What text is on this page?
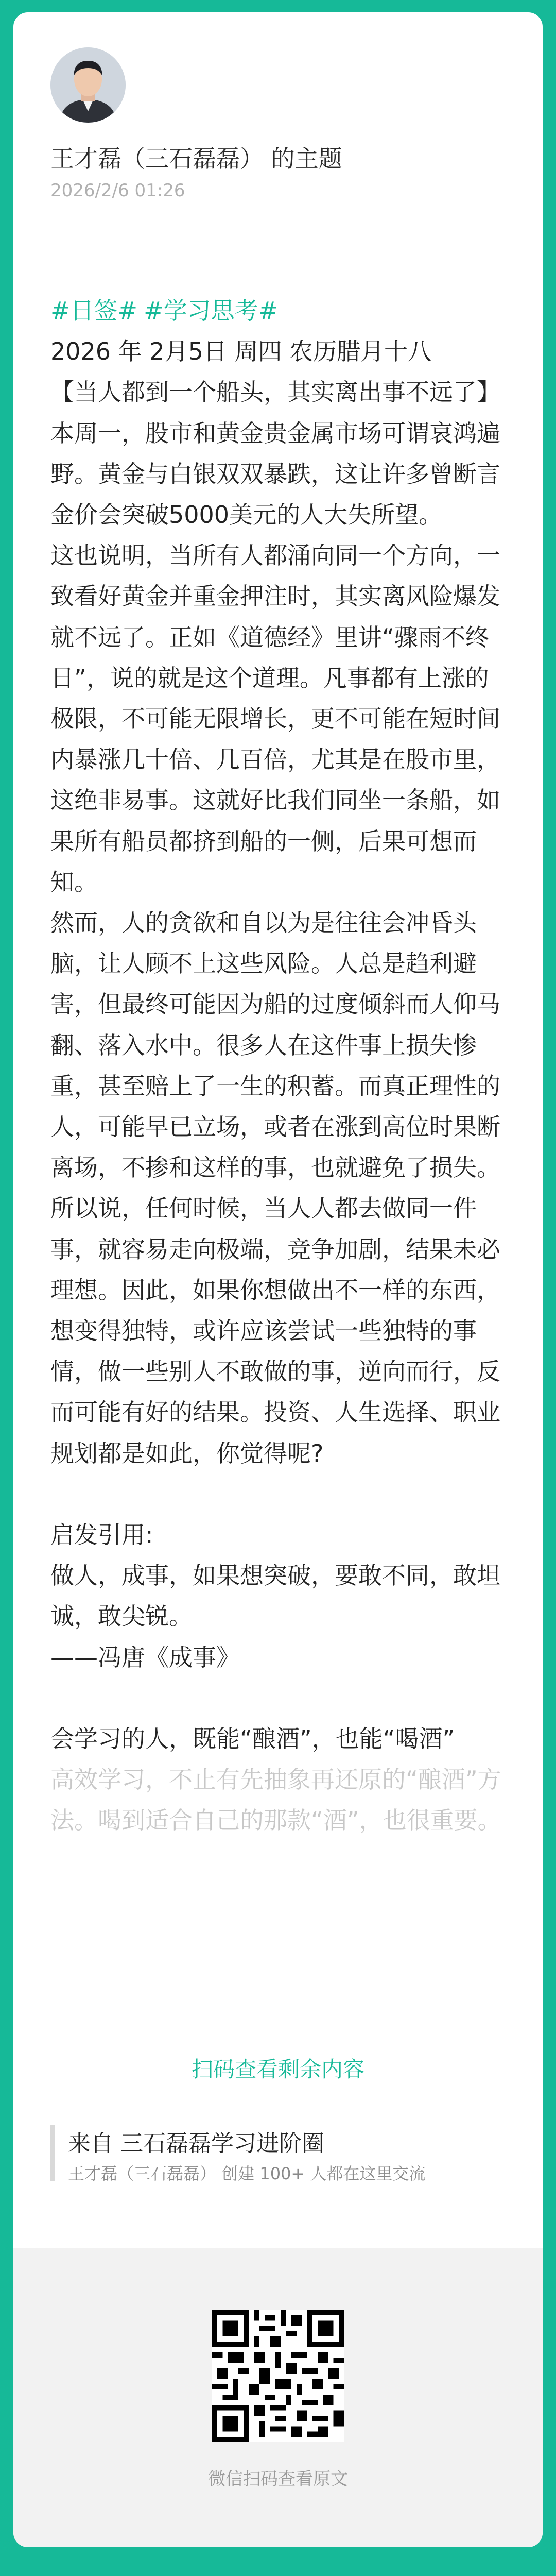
王才磊（三石磊磊） 的主题
2026/2/6 01:26

#日签# #学习思考#

2026 年 2月5日 周四 农历腊月十八

【当人都到一个船头，其实离出事不远了】

本周一，股市和黄金贵金属市场可谓哀鸿遍野。黄金与白银双双暴跌，这让许多曾断言金价会突破5000美元的人大失所望。

这也说明，当所有人都涌向同一个方向，一致看好黄金并重金押注时，其实离风险爆发就不远了。正如《道德经》里讲“骤雨不终日”，说的就是这个道理。凡事都有上涨的极限，不可能无限增长，更不可能在短时间内暴涨几十倍、几百倍，尤其是在股市里，这绝非易事。这就好比我们同坐一条船，如果所有船员都挤到船的一侧，后果可想而知。

然而，人的贪欲和自以为是往往会冲昏头脑，让人顾不上这些风险。人总是趋利避害，但最终可能因为船的过度倾斜而人仰马翻、落入水中。很多人在这件事上损失惨重，甚至赔上了一生的积蓄。而真正理性的人，可能早已立场，或者在涨到高位时果断离场，不掺和这样的事，也就避免了损失。所以说，任何时候，当人人都去做同一件事，就容易走向极端，竞争加剧，结果未必理想。因此，如果你想做出不一样的东西，想变得独特，或许应该尝试一些独特的事情，做一些别人不敢做的事，逆向而行，反而可能有好的结果。投资、人生选择、职业规划都是如此，你觉得呢?

启发引用:

做人，成事，如果想突破，要敢不同，敢坦诚，敢尖锐。

——冯唐《成事》

会学习的人，既能“酿酒”，也能“喝酒”

高效学习，不止有先抽象再还原的“酿酒”方法。喝到适合自己的那款“酒”，也很重要。

扫码查看剩余内容
来自 三石磊磊学习进阶圈
王才磊（三石磊磊） 创建 100+ 人都在这里交流
微信扫码查看原文
